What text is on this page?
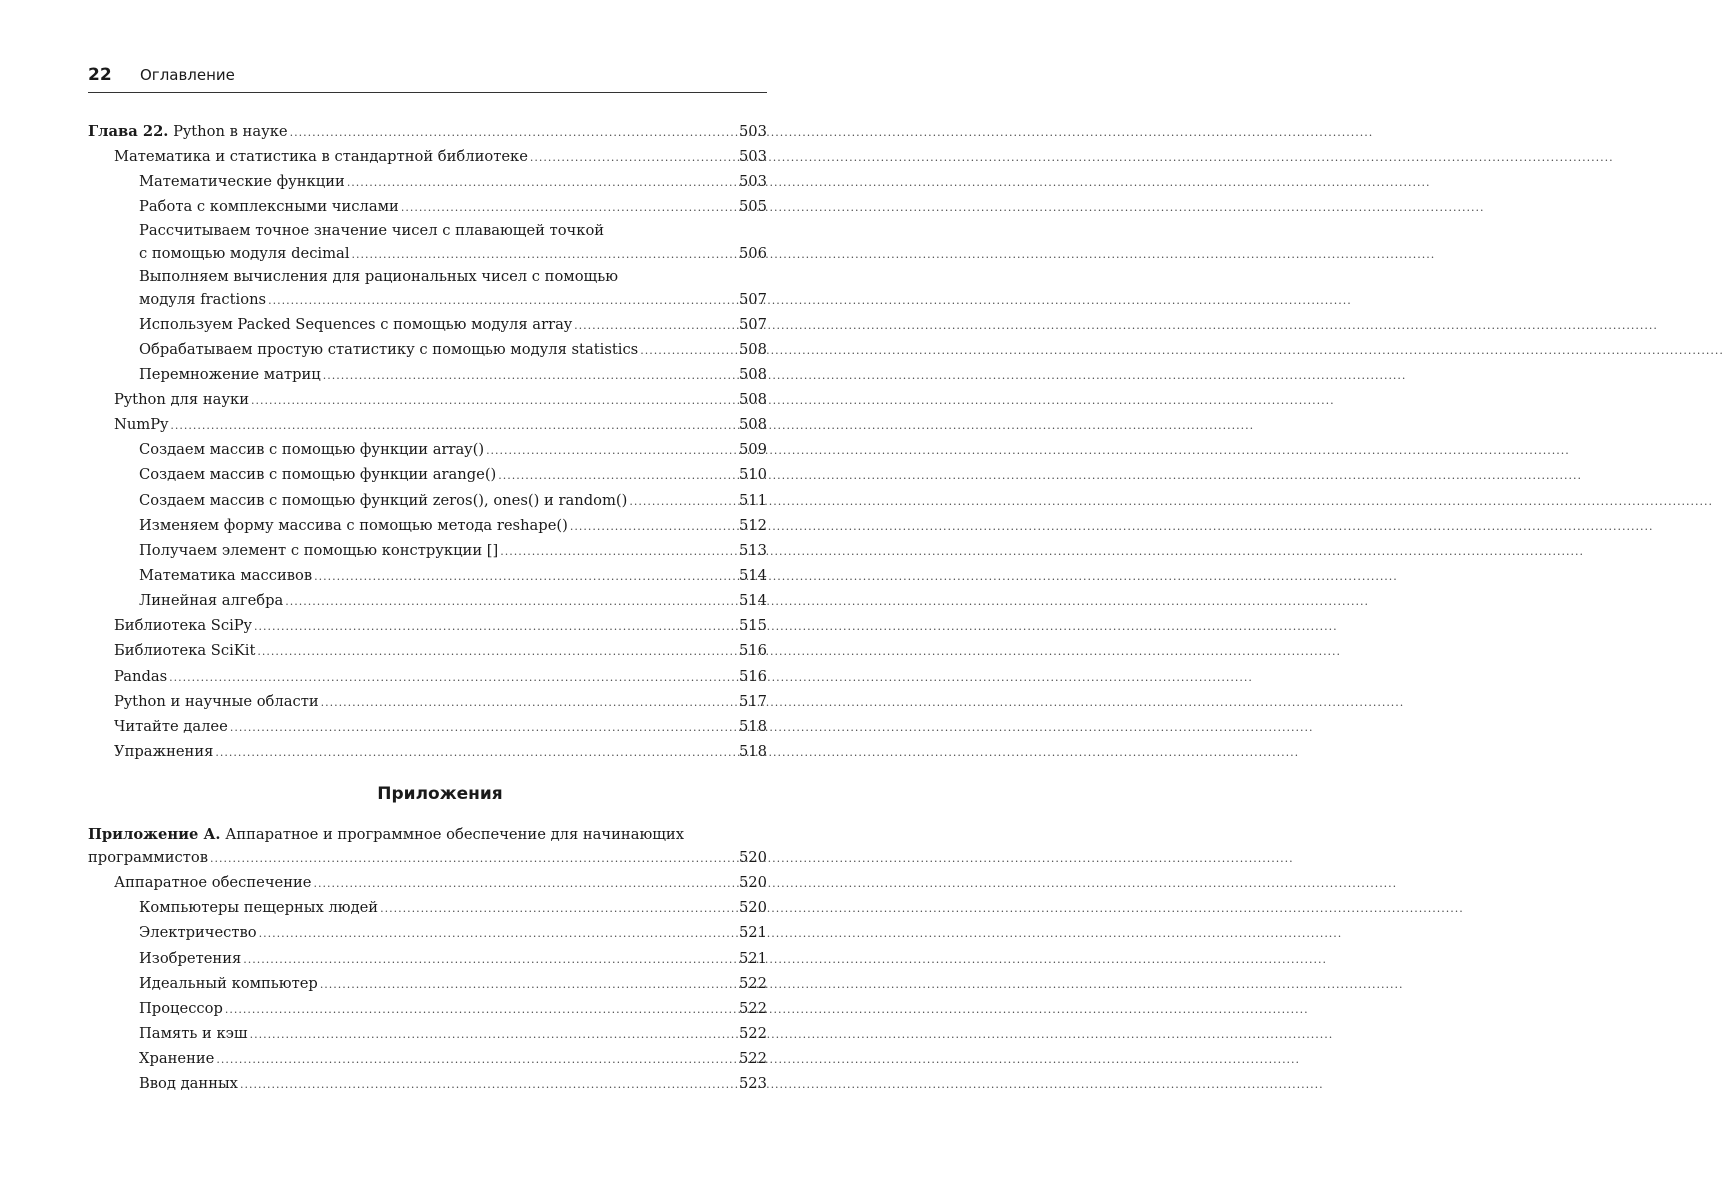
22 Оглавление
Глава 22. Python в науке .....	503
Математика и статистика в стандартной библиотеке .....	503
Математические функции .....	503
Работа с комплексными числами .....	505
Рассчитываем точное значение чисел с плавающей точкой
с помощью модуля decimal .....	506
Выполняем вычисления для рациональных чисел с помощью
модуля fractions .....	507
Используем Packed Sequences с помощью модуля array .....	507
Обрабатываем простую статистику с помощью модуля statistics .....	508
Перемножение матриц .....	508
Python для науки .....	508
NumPy .....	508
Создаем массив с помощью функции array() .....	509
Создаем массив с помощью функции arange() .....	510
Создаем массив с помощью функций zeros(), ones() и random() .....	511
Изменяем форму массива с помощью метода reshape() .....	512
Получаем элемент с помощью конструкции [] .....	513
Математика массивов .....	514
Линейная алгебра .....	514
Библиотека SciPy .....	515
Библиотека SciKit .....	516
Pandas .....	516
Python и научные области .....	517
Читайте далее .....	518
Упражнения .....	518
Приложения
Приложение А. Аппаратное и программное обеспечение для начинающих
программистов .....	520
Аппаратное обеспечение .....	520
Компьютеры пещерных людей .....	520
Электричество .....	521
Изобретения .....	521
Идеальный компьютер .....	522
Процессор .....	522
Память и кэш .....	522
Хранение .....	522
Ввод данных .....	523
